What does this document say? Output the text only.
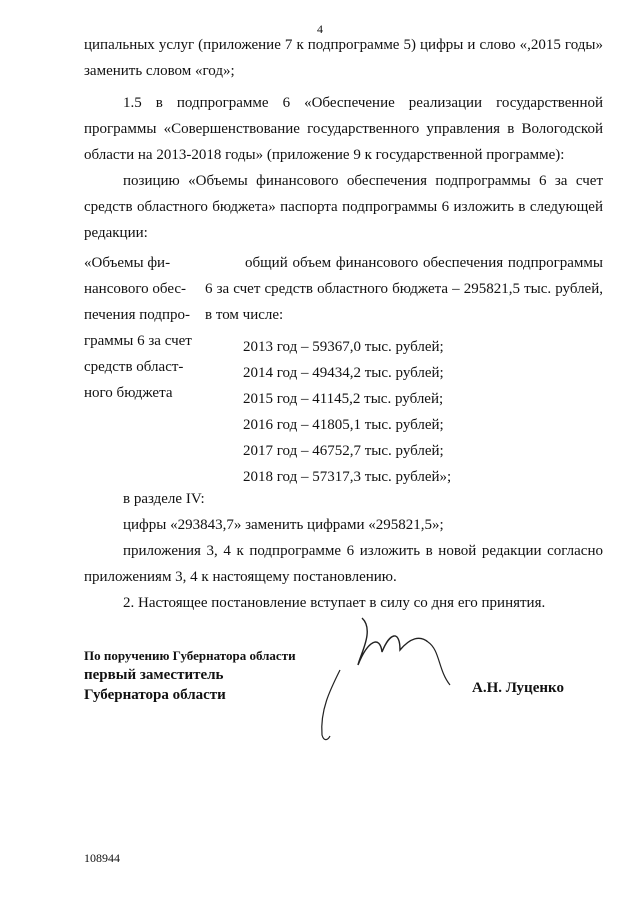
4
ципальных услуг (приложение 7 к подпрограмме 5) цифры и слово «,2015 годы» заменить словом «год»;
1.5 в подпрограмме 6 «Обеспечение реализации государственной программы «Совершенствование государственного управления в Вологодской области на 2013-2018 годы» (приложение 9 к государственной программе):
позицию «Объемы финансового обеспечения подпрограммы 6 за счет средств областного бюджета» паспорта подпрограммы 6 изложить в следующей редакции:
«Объемы фи-
нансового обес-
печения подпро-
граммы 6 за счет
средств област-
ного бюджета
общий объем финансового обеспечения подпрограммы 6 за счет средств областного бюджета – 295821,5 тыс. рублей, в том числе:
2013 год – 59367,0 тыс. рублей;
2014 год – 49434,2 тыс. рублей;
2015 год – 41145,2 тыс. рублей;
2016 год – 41805,1 тыс. рублей;
2017 год – 46752,7 тыс. рублей;
2018 год – 57317,3 тыс. рублей»;
в разделе IV:
цифры «293843,7» заменить цифрами «295821,5»;
приложения 3, 4 к подпрограмме 6 изложить в новой редакции согласно приложениям 3, 4 к настоящему постановлению.
2. Настоящее постановление вступает в силу со дня его принятия.
По поручению Губернатора области
первый заместитель
Губернатора области	А.Н. Луценко
108944
